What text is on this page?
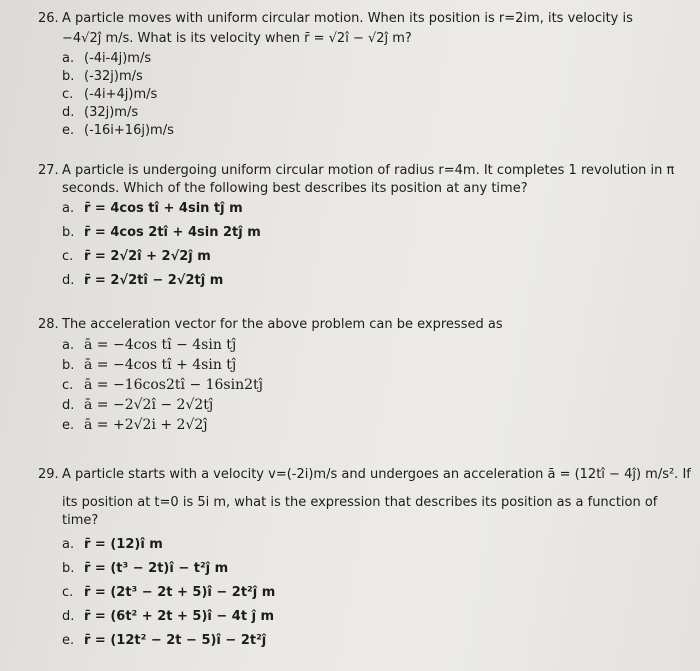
26. A particle moves with uniform circular motion. When its position is r=2im, its velocity is
−4√2ĵ m/s. What is its velocity when r̄ = √2î − √2ĵ m?
a. (-4i-4j)m/s
b. (-32j)m/s
c. (-4i+4j)m/s
d. (32j)m/s
e. (-16i+16j)m/s
27. A particle is undergoing uniform circular motion of radius r=4m. It completes 1 revolution in π
seconds. Which of the following best describes its position at any time?
a. r̄ = 4cos tî + 4sin tĵ m
b. r̄ = 4cos 2tî + 4sin 2tĵ m
c. r̄ = 2√2î + 2√2ĵ m
d. r̄ = 2√2tî − 2√2tĵ m
28. The acceleration vector for the above problem can be expressed as
a. ā = −4cos tî − 4sin tĵ
b. ā = −4cos tî + 4sin tĵ
c. ā = −16cos2tî − 16sin2tĵ
d. ā = −2√2î − 2√2tĵ
e. ā = +2√2i + 2√2ĵ
29. A particle starts with a velocity v=(-2i)m/s and undergoes an acceleration ā = (12tî − 4ĵ) m/s². If
its position at t=0 is 5i m, what is the expression that describes its position as a function of
time?
a. r̄ = (12)î m
b. r̄ = (t³ − 2t)î − t²ĵ m
c. r̄ = (2t³ − 2t + 5)î − 2t²ĵ m
d. r̄ = (6t² + 2t + 5)î − 4t ĵ m
e. r̄ = (12t² − 2t − 5)î − 2t²ĵ
